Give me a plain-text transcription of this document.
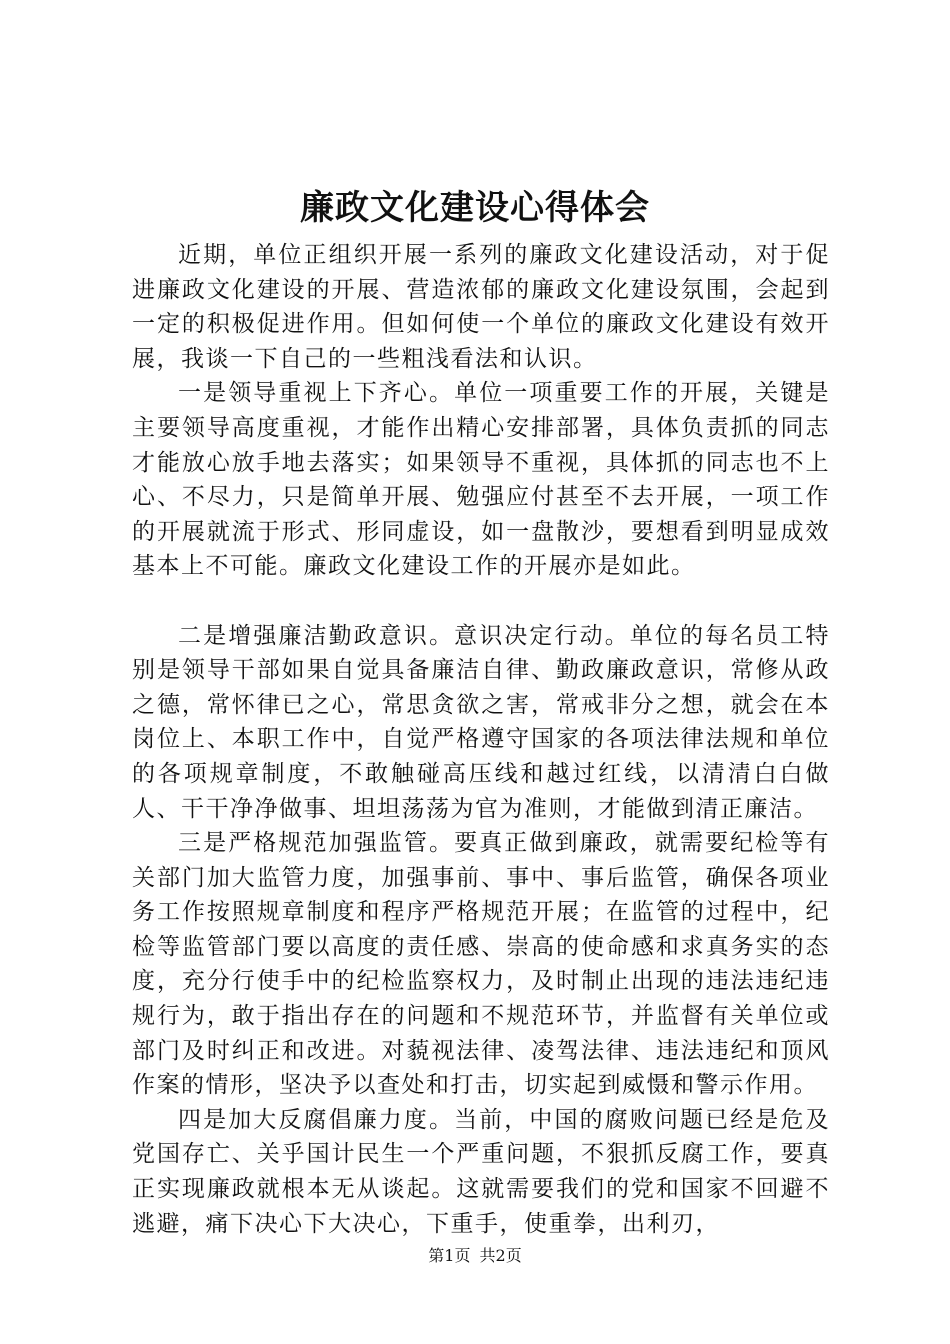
廉政文化建设心得体会

近期，单位正组织开展一系列的廉政文化建设活动，对于促进廉政文化建设的开展、营造浓郁的廉政文化建设氛围，会起到一定的积极促进作用。但如何使一个单位的廉政文化建设有效开展，我谈一下自己的一些粗浅看法和认识。

一是领导重视上下齐心。单位一项重要工作的开展，关键是主要领导高度重视，才能作出精心安排部署，具体负责抓的同志才能放心放手地去落实；如果领导不重视，具体抓的同志也不上心、不尽力，只是简单开展、勉强应付甚至不去开展，一项工作的开展就流于形式、形同虚设，如一盘散沙，要想看到明显成效基本上不可能。廉政文化建设工作的开展亦是如此。

二是增强廉洁勤政意识。意识决定行动。单位的每名员工特别是领导干部如果自觉具备廉洁自律、勤政廉政意识，常修从政之德，常怀律已之心，常思贪欲之害，常戒非分之想，就会在本岗位上、本职工作中，自觉严格遵守国家的各项法律法规和单位的各项规章制度，不敢触碰高压线和越过红线，以清清白白做人、干干净净做事、坦坦荡荡为官为准则，才能做到清正廉洁。

三是严格规范加强监管。要真正做到廉政，就需要纪检等有关部门加大监管力度，加强事前、事中、事后监管，确保各项业务工作按照规章制度和程序严格规范开展；在监管的过程中，纪检等监管部门要以高度的责任感、崇高的使命感和求真务实的态度，充分行使手中的纪检监察权力，及时制止出现的违法违纪违规行为，敢于指出存在的问题和不规范环节，并监督有关单位或部门及时纠正和改进。对藐视法律、凌驾法律、违法违纪和顶风作案的情形，坚决予以查处和打击，切实起到威慑和警示作用。

四是加大反腐倡廉力度。当前，中国的腐败问题已经是危及党国存亡、关乎国计民生一个严重问题，不狠抓反腐工作，要真正实现廉政就根本无从谈起。这就需要我们的党和国家不回避不逃避，痛下决心下大决心，下重手，使重拳，出利刃，

第1页 共2页
